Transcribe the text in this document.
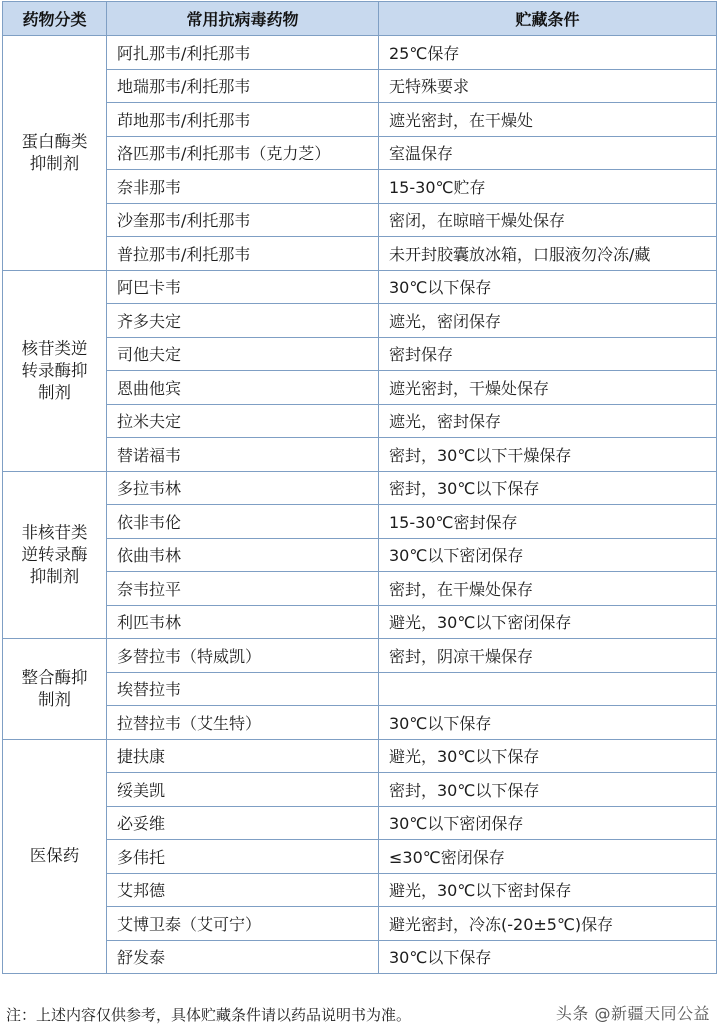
药物分类	常用抗病毒药物	贮藏条件

蛋白酶类
抑制剂	阿扎那韦/利托那韦	25℃保存
	地瑞那韦/利托那韦	无特殊要求
	茚地那韦/利托那韦	遮光密封，在干燥处
	洛匹那韦/利托那韦（克力芝）	室温保存
	奈非那韦	15-30℃贮存
	沙奎那韦/利托那韦	密闭，在晾暗干燥处保存
	普拉那韦/利托那韦	未开封胶囊放冰箱，口服液勿冷冻/藏

核苷类逆
转录酶抑
制剂	阿巴卡韦	30℃以下保存
	齐多夫定	遮光，密闭保存
	司他夫定	密封保存
	恩曲他宾	遮光密封，干燥处保存
	拉米夫定	遮光，密封保存
	替诺福韦	密封，30℃以下干燥保存

非核苷类
逆转录酶
抑制剂	多拉韦林	密封，30℃以下保存
	依非韦伦	15-30℃密封保存
	依曲韦林	30℃以下密闭保存
	奈韦拉平	密封，在干燥处保存
	利匹韦林	避光，30℃以下密闭保存

整合酶抑
制剂	多替拉韦（特威凯）	密封，阴凉干燥保存
	埃替拉韦	
	拉替拉韦（艾生特）	30℃以下保存

医保药	捷扶康	避光，30℃以下保存
	绥美凯	密封，30℃以下保存
	必妥维	30℃以下密闭保存
	多伟托	≤30℃密闭保存
	艾邦德	避光，30℃以下密封保存
	艾博卫泰（艾可宁）	避光密封，冷冻(-20±5℃)保存
	舒发泰	30℃以下保存
注：上述内容仅供参考，具体贮藏条件请以药品说明书为准。	头条 @新疆天同公益
